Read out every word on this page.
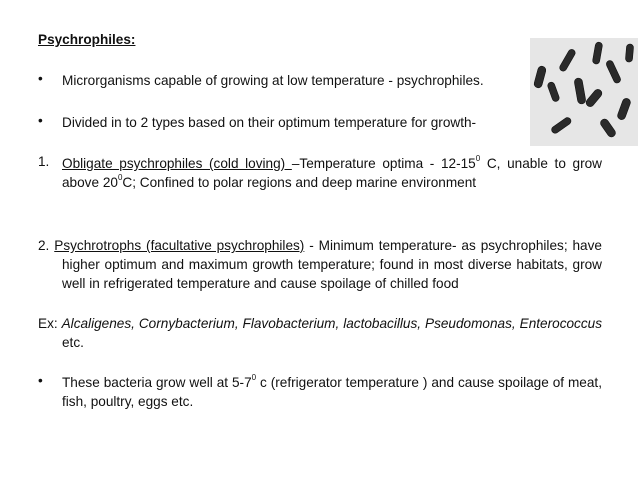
Psychrophiles:
• Microrganisms capable of growing at low temperature - psychrophiles.
• Divided in to 2 types based on their optimum temperature for growth-
1. Obligate psychrophiles (cold loving) –Temperature optima - $12-15^0$ C, unable to grow above $20^0C$; Confined to polar regions and deep marine environment
2. Psychrotrophs (facultative psychrophiles) - Minimum temperature- as psychrophiles; have higher optimum and maximum growth temperature; found in most diverse habitats, grow well in refrigerated temperature and cause spoilage of chilled food
Ex: Alcaligenes, Cornybacterium, Flavobacterium, lactobacillus, Pseudomonas, Enterococcus etc.
• These bacteria grow well at $5-7^0$ c (refrigerator temperature ) and cause spoilage of meat, fish, poultry, eggs etc.
